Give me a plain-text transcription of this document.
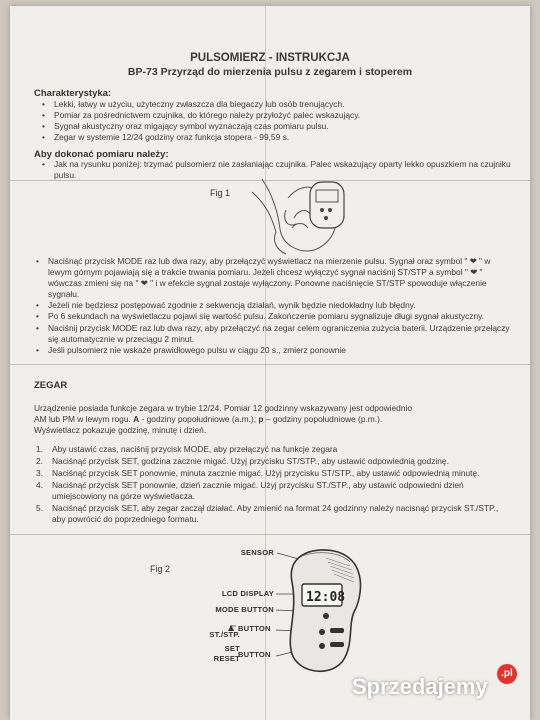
PULSOMIERZ - INSTRUKCJA
BP-73 Przyrząd do mierzenia pulsu z zegarem i stoperem
Charakterystyka:
• Lekki, łatwy w użyciu, użyteczny zwłaszcza dla biegaczy lub osób trenujących.
• Pomiar za pośrednictwem czujnika, do którego należy przyłożyć palec wskazujący.
• Sygnał akustyczny oraz migający symbol wyznaczają czas pomiaru pulsu.
• Zegar w systemie 12/24 godziny oraz funkcja stopera - 99,59 s.
Aby dokonać pomiaru należy:
• Jak na rysunku poniżej: trzymać pulsomierz nie zasłaniając czujnika. Palec wskazujący oparty lekko opuszkiem na czujniku pulsu.
Fig 1
• Naciśnąć przycisk MODE raz lub dwa razy, aby przełączyć wyświetlacz na mierzenie pulsu. Sygnał oraz symbol " ❤ " w lewym górnym pojawiają się a trakcie trwania pomiaru. Jeżeli chcesz wyłączyć sygnał naciśnij ST/STP a symbol " ❤ " wówczas zmieni się na " ❤ " i w efekcie sygnał zostaje wyłączony. Ponowne naciśnięcie ST/STP spowoduje włączenie sygnału.
• Jeżeli nie będziesz postępować zgodnie z sekwencją działań, wynik będzie niedokładny lub błędny.
• Po 6 sekundach na wyświetlaczu pojawi się wartość pulsu. Zakończenie pomiaru sygnalizuje długi sygnał akustyczny.
• Naciśnij przycisk MODE raz lub dwa razy, aby przełączyć na zegar celem ograniczenia zużycia baterii. Urządzenie przełączy się automatycznie w przeciągu 2 minut.
• Jeśli pulsomierz nie wskaże prawidłowego pulsu w ciągu 20 s., zmierz ponownie
ZEGAR
Urządzenie posiada funkcje zegara w trybie 12/24. Pomiar 12 godzinny wskazywany jest odpowiednio
AM lub PM w lewym rogu. A - godziny popołudniowe (a.m.); p – godziny popołudniowe (p.m.).
Wyświetlacz pokazuje godzinę, minutę i dzień.
1. Aby ustawić czas, naciśnij przycisk MODE, aby przełączyć na funkcje zegara
2. Naciśnąć przycisk SET, godzina zacznie migać. Użyj przycisku ST/STP., aby ustawić odpowiednią godzinę.
3. Naciśnąć przycisk SET ponownie, minuta zacznie migać. Użyj przycisku ST/STP., aby ustawić odpowiednią minutę.
4. Naciśnąć przycisk SET ponownie, dzień zacznie migać. Użyj przycisku ST./STP., aby ustawić odpowiedni dzień umiejscowiony na górze wyświetlacza.
5. Naciśnąć przycisk SET, aby zegar zaczął działać. Aby zmienić na format 24 godzinny należy nacisnąć przycisk ST./STP., aby powrócić do poprzedniego formatu.
Fig 2
SENSOR
LCD DISPLAY
MODE BUTTON
ST./STP.
BUTTON
SET
RESET
BUTTON
▲
12:08
Sprzedajemy
.pl
